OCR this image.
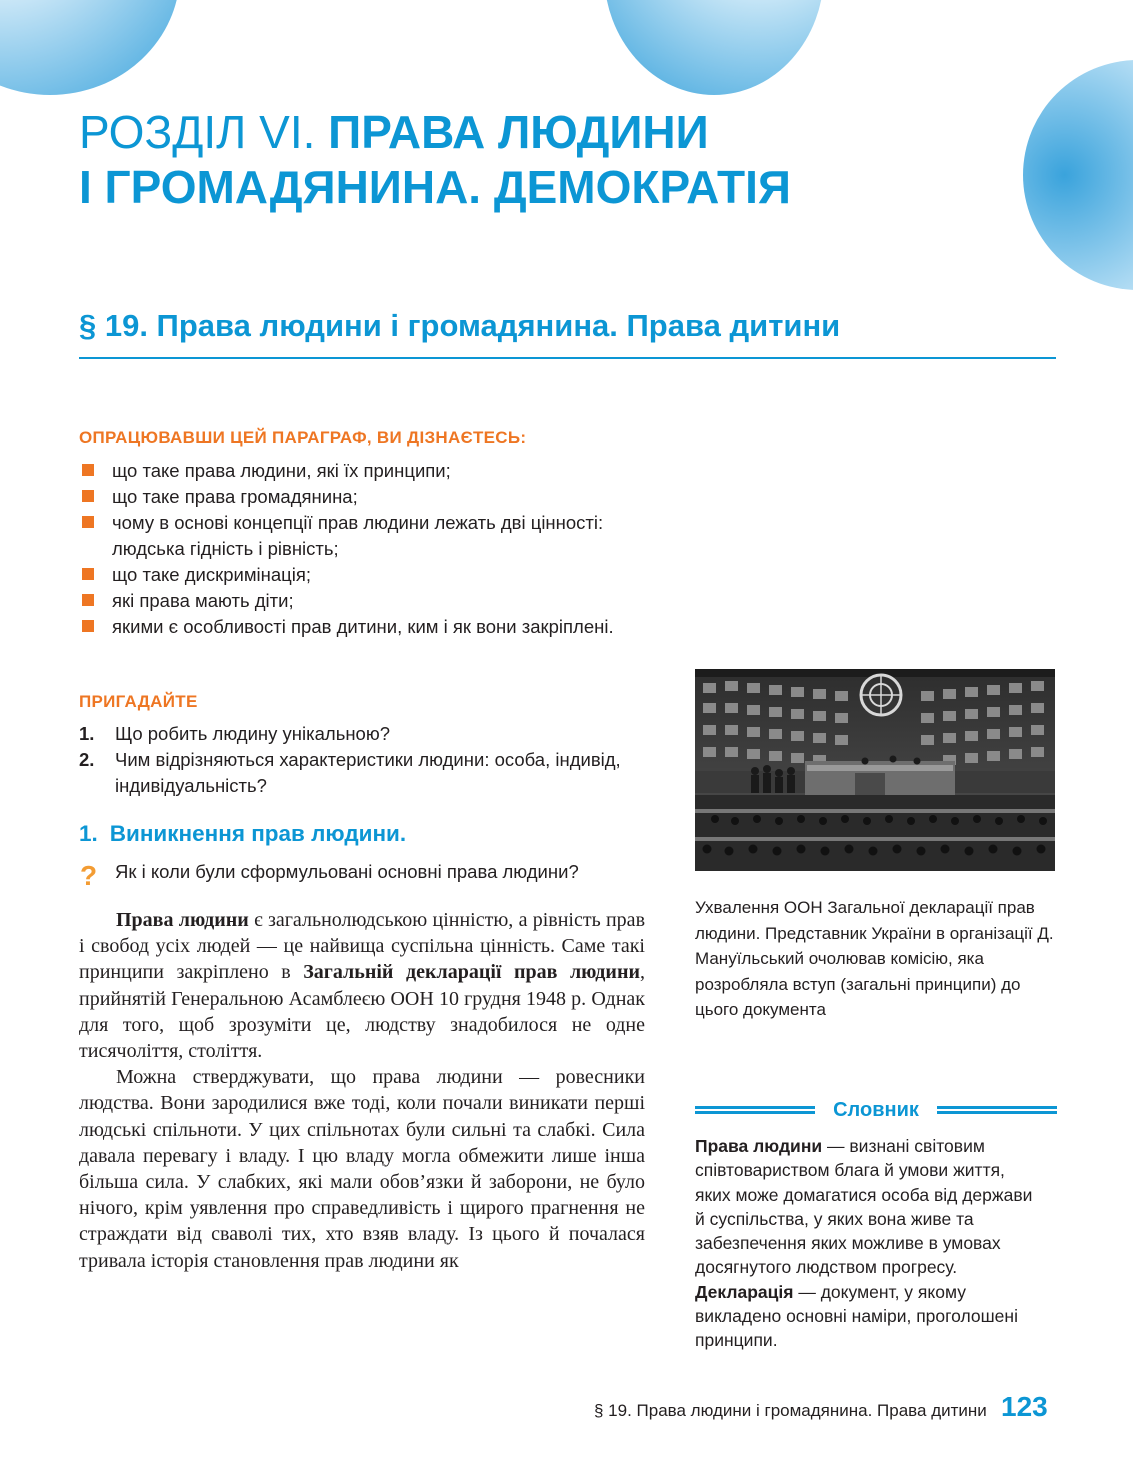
РОЗДІЛ VI. ПРАВА ЛЮДИНИ
І ГРОМАДЯНИНА. ДЕМОКРАТІЯ
§ 19. Права людини і громадянина. Права дитини
ОПРАЦЮВАВШИ ЦЕЙ ПАРАГРАФ, ВИ ДІЗНАЄТЕСЬ:
що таке права людини, які їх принципи;
що таке права громадянина;
чому в основі концепції прав людини лежать дві цінності: людська гідність і рівність;
що таке дискримінація;
які права мають діти;
якими є особливості прав дитини, ким і як вони закріплені.
ПРИГАДАЙТЕ
1. Що робить людину унікальною?
2. Чим відрізняються характеристики людини: особа, індивід, індивідуальність?
1. Виникнення прав людини.
? Як і коли були сформульовані основні права людини?

Права людини є загальнолюдською цінністю, а рівність прав і свобод усіх людей — це найвища суспільна цінність. Саме такі принципи закріплено в Загальній декларації прав людини, прийнятій Генеральною Асамблеєю ООН 10 грудня 1948 р. Однак для того, щоб зрозуміти це, людству знадобилося не одне тисячоліття, століття.

Можна стверджувати, що права людини — ровесники людства. Вони зародилися вже тоді, коли почали виникати перші людські спільноти. У цих спільнотах були сильні та слабкі. Сила давала перевагу і владу. І цю владу могла обмежити лише інша більша сила. У слабких, які мали обов’язки й заборони, не було нічого, крім уявлення про справедливість і щирого прагнення не страждати від сваволі тих, хто взяв владу. Із цього й почалася тривала історія становлення прав людини як

Ухвалення ООН Загальної декларації прав людини. Представник України в організації Д. Мануїльський очолював комісію, яка розробляла вступ (загальні принципи) до цього документа

Словник

Права людини — визнані світовим співтовариством блага й умови життя, яких може домагатися особа від держави й суспільства, у яких вона живе та забезпечення яких можливе в умовах досягнутого людством прогресу.

Декларація — документ, у якому викладено основні наміри, проголошені принципи.

§ 19. Права людини і громадянина. Права дитини 123
